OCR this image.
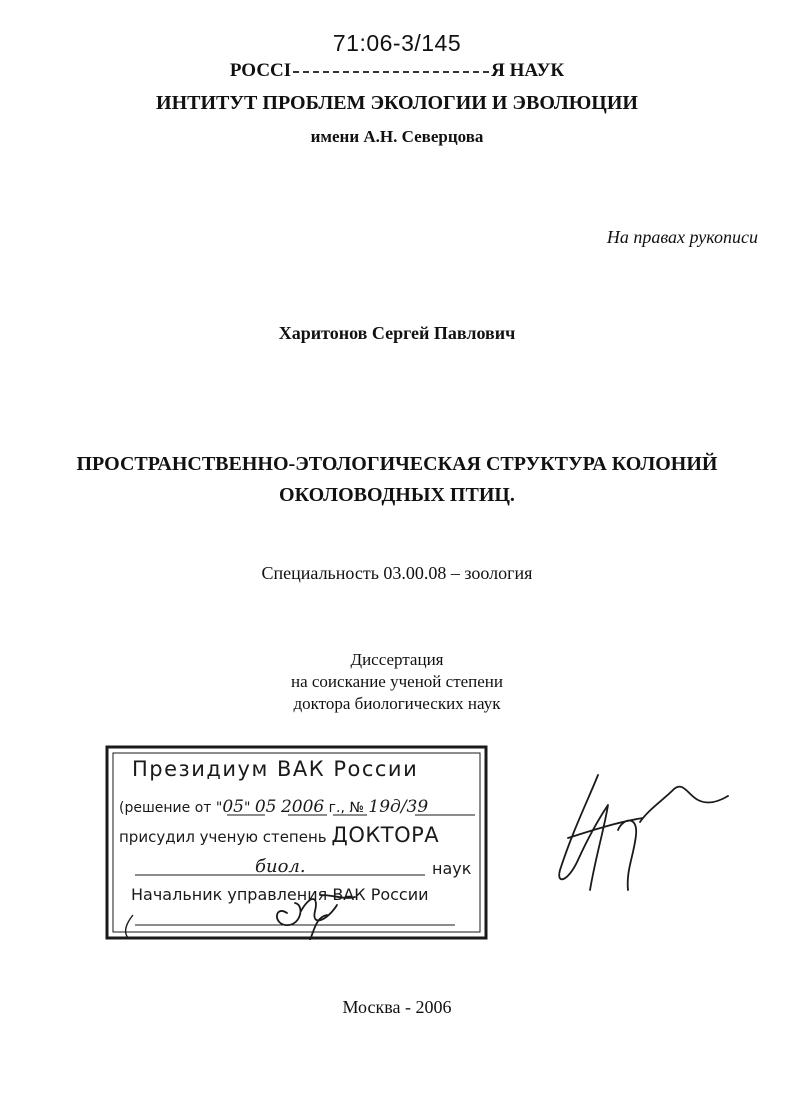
71:06-3/145
РОССІ	Я НАУК
ИНТИТУТ ПРОБЛЕМ ЭКОЛОГИИ И ЭВОЛЮЦИИ
имени А.Н. Северцова
На правах рукописи
Харитонов Сергей Павлович
ПРОСТРАНСТВЕННО-ЭТОЛОГИЧЕСКАЯ СТРУКТУРА КОЛОНИЙ
ОКОЛОВОДНЫХ ПТИЦ.
Специальность 03.00.08 – зоология
Диссертация
на соискание ученой степени
доктора биологических наук
Президиум ВАК России
(решение от "05" 05 2006 г., № 19д/39
присудил ученую степень ДОКТОРА
биол.	наук
Начальник управления ВАК России
Москва - 2006
